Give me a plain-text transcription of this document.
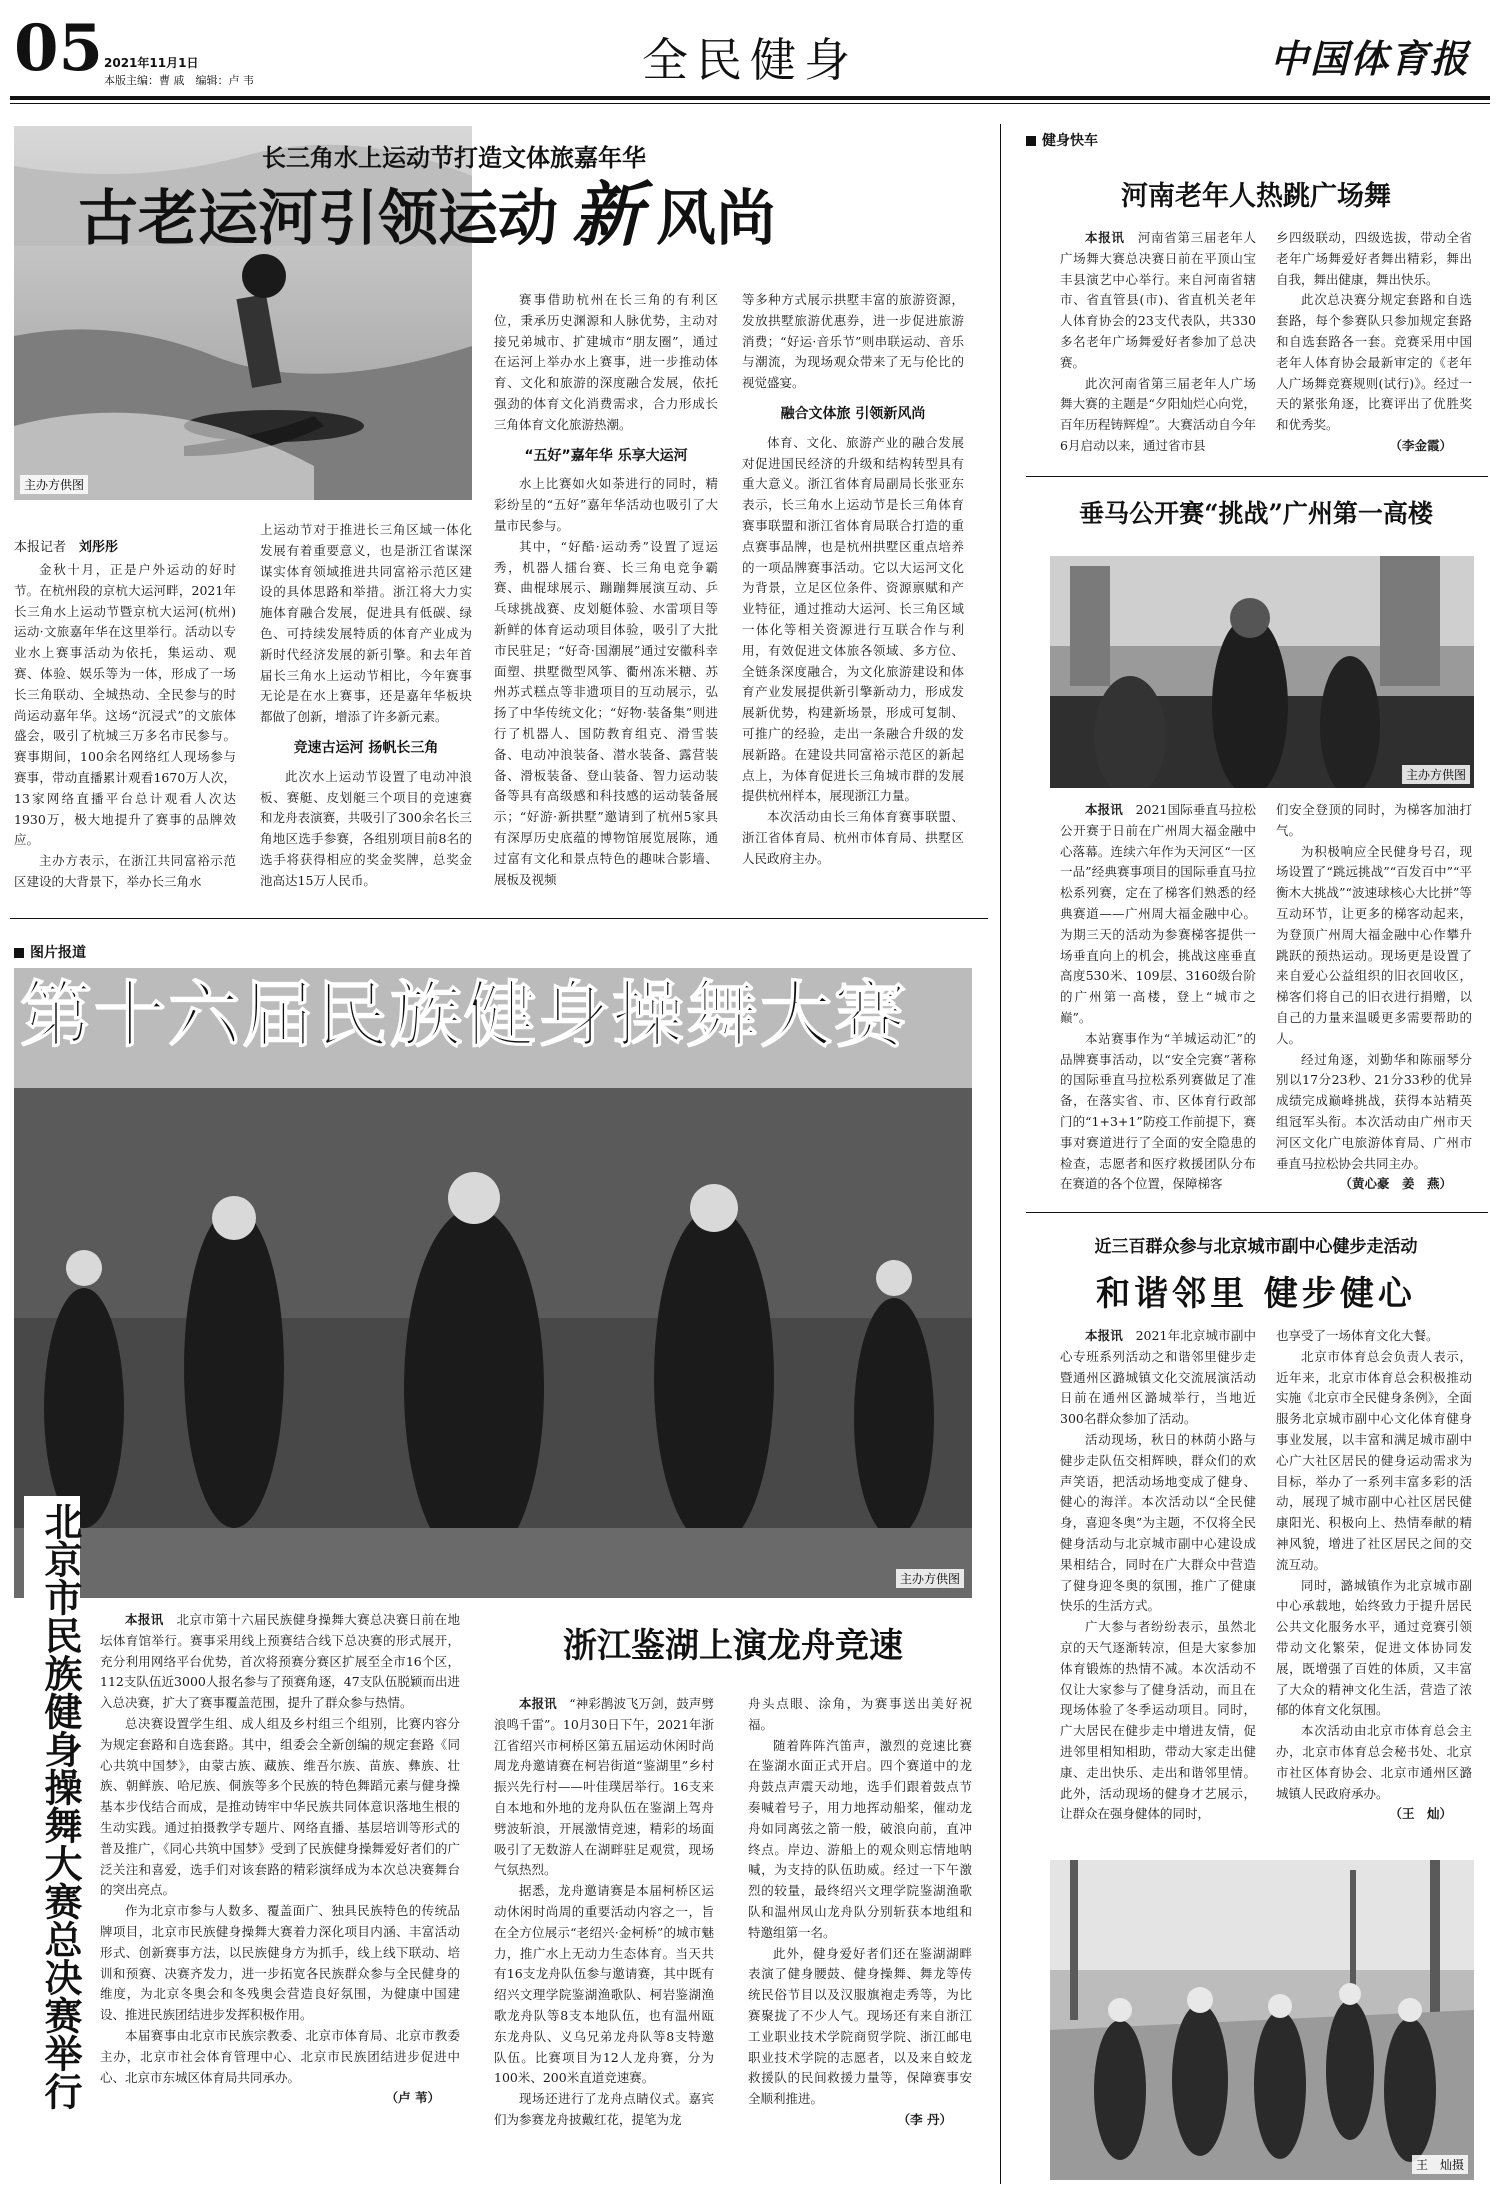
05 2021年11月1日
本版主编：曹 戚　编辑：卢 韦	全民健身	中国体育报
主办方供图
长三角水上运动节打造文体旅嘉年华
古老运河引领运动 新 风尚
本报记者　 刘彤彤

金秋十月，正是户外运动的好时节。在杭州段的京杭大运河畔，2021年长三角水上运动节暨京杭大运河(杭州)运动·文旅嘉年华在这里举行。活动以专业水上赛事活动为依托，集运动、观赛、体验、娱乐等为一体，形成了一场长三角联动、全城热动、全民参与的时尚运动嘉年华。这场“沉浸式”的文旅体盛会，吸引了杭城三万多名市民参与。赛事期间，100余名网络红人现场参与赛事，带动直播累计观看1670万人次，13家网络直播平台总计观看人次达1930万，极大地提升了赛事的品牌效应。

主办方表示，在浙江共同富裕示范区建设的大背景下，举办长三角水

上运动节对于推进长三角区域一体化发展有着重要意义，也是浙江省谋深谋实体育领域推进共同富裕示范区建设的具体思路和举措。浙江将大力实施体育融合发展，促进具有低碳、绿色、可持续发展特质的体育产业成为新时代经济发展的新引擎。和去年首届长三角水上运动节相比，今年赛事无论是在水上赛事，还是嘉年华板块都做了创新，增添了许多新元素。

竞速古运河 扬帆长三角

此次水上运动节设置了电动冲浪板、赛艇、皮划艇三个项目的竞速赛和龙舟表演赛，共吸引了300余名长三角地区选手参赛，各组别项目前8名的选手将获得相应的奖金奖牌，总奖金池高达15万人民币。

赛事借助杭州在长三角的有利区位，秉承历史渊源和人脉优势，主动对接兄弟城市、扩建城市“朋友圈”，通过在运河上举办水上赛事，进一步推动体育、文化和旅游的深度融合发展，依托强劲的体育文化消费需求，合力形成长三角体育文化旅游热潮。

“五好”嘉年华 乐享大运河

水上比赛如火如荼进行的同时，精彩纷呈的“五好”嘉年华活动也吸引了大量市民参与。

其中，“好酷·运动秀”设置了逗运秀，机器人擂台赛、长三角电竞争霸赛、曲棍球展示、蹦蹦舞展演互动、乒乓球挑战赛、皮划艇体验、水雷项目等新鲜的体育运动项目体验，吸引了大批市民驻足；“好奇·国潮展”通过安徽科幸面塑、拱墅微型风筝、衢州冻米糖、苏州苏式糕点等非遗项目的互动展示，弘扬了中华传统文化；“好物·装备集”则进行了机器人、国防教育组克、滑雪装备、电动冲浪装备、潜水装备、露营装备、滑板装备、登山装备、智力运动装备等具有高级感和科技感的运动装备展示；“好游·新拱墅”邀请到了杭州5家具有深厚历史底蕴的博物馆展览展陈，通过富有文化和景点特色的趣味合影墙、展板及视频

等多种方式展示拱墅丰富的旅游资源，发放拱墅旅游优惠券，进一步促进旅游消费；“好运·音乐节”则串联运动、音乐与潮流，为现场观众带来了无与伦比的视觉盛宴。

融合文体旅 引领新风尚

体育、文化、旅游产业的融合发展对促进国民经济的升级和结构转型具有重大意义。浙江省体育局副局长张亚东表示，长三角水上运动节是长三角体育赛事联盟和浙江省体育局联合打造的重点赛事品牌，也是杭州拱墅区重点培养的一项品牌赛事活动。它以大运河文化为背景，立足区位条件、资源禀赋和产业特征，通过推动大运河、长三角区域一体化等相关资源进行互联合作与利用，有效促进文体旅各领域、多方位、全链条深度融合，为文化旅游建设和体育产业发展提供新引擎新动力，形成发展新优势，构建新场景，形成可复制、可推广的经验，走出一条融合升级的发展新路。在建设共同富裕示范区的新起点上，为体育促进长三角城市群的发展提供杭州样本，展现浙江力量。

本次活动由长三角体育赛事联盟、浙江省体育局、杭州市体育局、拱墅区人民政府主办。

图片报道
第十六届民族健身操舞大赛
主办方供图
北京市民族健身操舞大赛总决赛举行	本报讯　 北京市第十六届民族健身操舞大赛总决赛日前在地坛体育馆举行。赛事采用线上预赛结合线下总决赛的形式展开，充分利用网络平台优势，首次将预赛分赛区扩展至全市16个区，112支队伍近3000人报名参与了预赛角逐，47支队伍脱颖而出进入总决赛，扩大了赛事覆盖范围，提升了群众参与热情。

总决赛设置学生组、成人组及乡村组三个组别，比赛内容分为规定套路和自选套路。其中，组委会全新创编的规定套路《同心共筑中国梦》，由蒙古族、藏族、维吾尔族、苗族、彝族、壮族、朝鲜族、哈尼族、侗族等多个民族的特色舞蹈元素与健身操基本步伐结合而成，是推动铸牢中华民族共同体意识落地生根的生动实践。通过拍摄教学专题片、网络直播、基层培训等形式的普及推广，《同心共筑中国梦》受到了民族健身操舞爱好者们的广泛关注和喜爱，选手们对该套路的精彩演绎成为本次总决赛舞台的突出亮点。

作为北京市参与人数多、覆盖面广、独具民族特色的传统品牌项目，北京市民族健身操舞大赛着力深化项目内涵、丰富活动形式、创新赛事方法，以民族健身方为抓手，线上线下联动、培训和预赛、决赛齐发力，进一步拓宽各民族群众参与全民健身的维度，为北京冬奥会和冬残奥会营造良好氛围，为健康中国建设、推进民族团结进步发挥积极作用。

本届赛事由北京市民族宗教委、北京市体育局、北京市教委主办，北京市社会体育管理中心、北京市民族团结进步促进中心、北京市东城区体育局共同承办。

（卢 苇）
浙江鉴湖上演龙舟竞速

本报讯　 “神彩鹊波飞万剑，鼓声劈浪鸣千雷”。10月30日下午，2021年浙江省绍兴市柯桥区第五届运动休闲时尚周龙舟邀请赛在柯岩街道“鉴湖里”乡村振兴先行村——叶佳璞居举行。16支来自本地和外地的龙舟队伍在鉴湖上驾舟劈波斩浪，开展激情竞速，精彩的场面吸引了无数游人在湖畔驻足观赏，现场气氛热烈。

据悉，龙舟邀请赛是本届柯桥区运动休闲时尚周的重要活动内容之一，旨在全方位展示“老绍兴·金柯桥”的城市魅力，推广水上无动力生态体育。当天共有16支龙舟队伍参与邀请赛，其中既有绍兴文理学院鉴湖渔歌队、柯岩鉴湖渔歌龙舟队等8支本地队伍，也有温州瓯东龙舟队、义乌兄弟龙舟队等8支特邀队伍。比赛项目为12人龙舟赛，分为100米、200米直道竞速赛。

现场还进行了龙舟点睛仪式。嘉宾们为参赛龙舟披戴红花，提笔为龙

舟头点眼、涂角，为赛事送出美好祝福。

随着阵阵汽笛声，激烈的竞速比赛在鉴湖水面正式开启。四个赛道中的龙舟鼓点声震天动地，选手们跟着鼓点节奏喊着号子，用力地挥动船桨，催动龙舟如同离弦之箭一般，破浪向前，直冲终点。岸边、游船上的观众则忘情地呐喊，为支持的队伍助威。经过一下午激烈的较量，最终绍兴文理学院鉴湖渔歌队和温州凤山龙舟队分别斩获本地组和特邀组第一名。

此外，健身爱好者们还在鉴湖湖畔表演了健身腰鼓、健身操舞、舞龙等传统民俗节目以及汉服旗袍走秀等，为比赛聚拢了不少人气。现场还有来自浙江工业职业技术学院商贸学院、浙江邮电职业技术学院的志愿者，以及来自蛟龙救援队的民间救援力量等，保障赛事安全顺利推进。

（李 丹）
健身快车
河南老年人热跳广场舞

本报讯　 河南省第三届老年人广场舞大赛总决赛日前在平顶山宝丰县演艺中心举行。来自河南省辖市、省直管县(市)、省直机关老年人体育协会的23支代表队，共330多名老年广场舞爱好者参加了总决赛。

此次河南省第三届老年人广场舞大赛的主题是“夕阳灿烂心向党，百年历程铸辉煌”。大赛活动自今年6月启动以来，通过省市县

乡四级联动，四级选拔，带动全省老年广场舞爱好者舞出精彩，舞出自我，舞出健康，舞出快乐。

此次总决赛分规定套路和自选套路，每个参赛队只参加规定套路和自选套路各一套。竞赛采用中国老年人体育协会最新审定的《老年人广场舞竞赛规则(试行)》。经过一天的紧张角逐，比赛评出了优胜奖和优秀奖。

（李金霞）
垂马公开赛“挑战”广州第一高楼
主办方供图

本报讯　 2021国际垂直马拉松公开赛于日前在广州周大福金融中心落幕。连续六年作为天河区“一区一品”经典赛事项目的国际垂直马拉松系列赛，定在了梯客们熟悉的经典赛道——广州周大福金融中心。为期三天的活动为参赛梯客提供一场垂直向上的机会，挑战这座垂直高度530米、109层、3160级台阶的广州第一高楼，登上“城市之巅”。

本站赛事作为“羊城运动汇”的品牌赛事活动，以“安全完赛”著称的国际垂直马拉松系列赛做足了准备，在落实省、市、区体育行政部门的“1+3+1”防疫工作前提下，赛事对赛道进行了全面的安全隐患的检查，志愿者和医疗救援团队分布在赛道的各个位置，保障梯客

们安全登顶的同时，为梯客加油打气。

为积极响应全民健身号召，现场设置了“跳远挑战”“百发百中”“平衡木大挑战”“波速球核心大比拼”等互动环节，让更多的梯客动起来，为登顶广州周大福金融中心作攀升跳跃的预热运动。现场更是设置了来自爱心公益组织的旧衣回收区，梯客们将自己的旧衣进行捐赠，以自己的力量来温暖更多需要帮助的人。

经过角逐，刘勤华和陈丽琴分别以17分23秒、21分33秒的优异成绩完成巅峰挑战，获得本站精英组冠军头衔。本次活动由广州市天河区文化广电旅游体育局、广州市垂直马拉松协会共同主办。

（黄心豪　姜　燕）
近三百群众参与北京城市副中心健步走活动
和谐邻里 健步健心

本报讯　 2021年北京城市副中心专班系列活动之和谐邻里健步走暨通州区潞城镇文化交流展演活动日前在通州区潞城举行，当地近300名群众参加了活动。

活动现场，秋日的林荫小路与健步走队伍交相辉映，群众们的欢声笑语，把活动场地变成了健身、健心的海洋。本次活动以“全民健身，喜迎冬奥”为主题，不仅将全民健身活动与北京城市副中心建设成果相结合，同时在广大群众中营造了健身迎冬奥的氛围，推广了健康快乐的生活方式。

广大参与者纷纷表示，虽然北京的天气逐渐转凉，但是大家参加体育锻炼的热情不减。本次活动不仅让大家参与了健身活动，而且在现场体验了冬季运动项目。同时，广大居民在健步走中增进友情，促进邻里相知相助，带动大家走出健康、走出快乐、走出和谐邻里情。此外，活动现场的健身才艺展示，让群众在强身健体的同时，

也享受了一场体育文化大餐。

北京市体育总会负责人表示，近年来，北京市体育总会积极推动实施《北京市全民健身条例》，全面服务北京城市副中心文化体育健身事业发展，以丰富和满足城市副中心广大社区居民的健身运动需求为目标，举办了一系列丰富多彩的活动，展现了城市副中心社区居民健康阳光、积极向上、热情奉献的精神风貌，增进了社区居民之间的交流互动。

同时，潞城镇作为北京城市副中心承载地，始终致力于提升居民公共文化服务水平，通过竞赛引领带动文化繁荣，促进文体协同发展，既增强了百姓的体质，又丰富了大众的精神文化生活，营造了浓郁的体育文化氛围。

本次活动由北京市体育总会主办，北京市体育总会秘书处、北京市社区体育协会、北京市通州区潞城镇人民政府承办。

（王　灿）
王　灿摄
